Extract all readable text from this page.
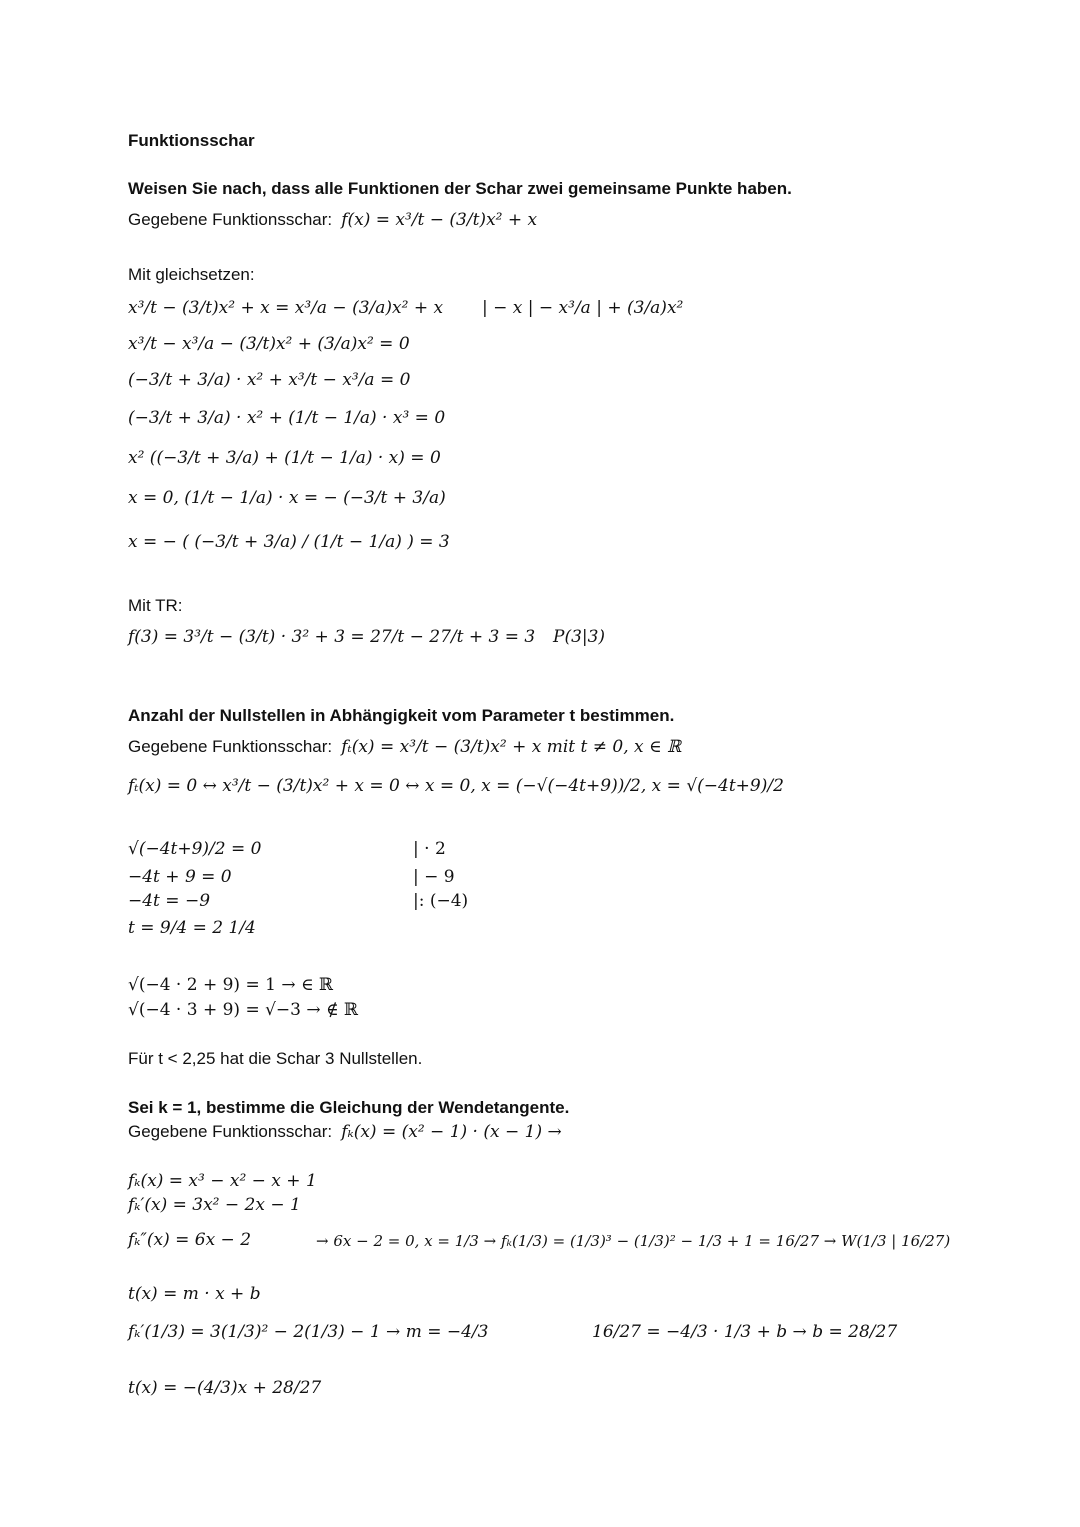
Funktionsschar
Weisen Sie nach, dass alle Funktionen der Schar zwei gemeinsame Punkte haben.
Gegebene Funktionsschar: f(x) = x³/t − (3/t)x² + x
Mit gleichsetzen:
x³/t − (3/t)x² + x = x³/a − (3/a)x² + x | − x | − x³/a | + (3/a)x²
x³/t − x³/a − (3/t)x² + (3/a)x² = 0
(−3/t + 3/a) · x² + x³/t − x³/a = 0
(−3/t + 3/a) · x² + (1/t − 1/a) · x³ = 0
x² ((−3/t + 3/a) + (1/t − 1/a) · x) = 0
x = 0, (1/t − 1/a) · x = − (−3/t + 3/a)
x = − ( (−3/t + 3/a) / (1/t − 1/a) ) = 3
Mit TR:
f(3) = 3³/t − (3/t) · 3² + 3 = 27/t − 27/t + 3 = 3 P(3|3)
Anzahl der Nullstellen in Abhängigkeit vom Parameter t bestimmen.
Gegebene Funktionsschar: fₜ(x) = x³/t − (3/t)x² + x mit t ≠ 0, x ∈ ℝ
fₜ(x) = 0 ↔ x³/t − (3/t)x² + x = 0 ↔ x = 0, x = (−√(−4t+9))/2, x = √(−4t+9)/2
√(−4t+9)/2 = 0	| · 2
−4t + 9 = 0	| − 9
−4t = −9	|: (−4)
t = 9/4 = 2 1/4
√(−4 · 2 + 9) = 1 → ∈ ℝ
√(−4 · 3 + 9) = √−3 → ∉ ℝ
Für t < 2,25 hat die Schar 3 Nullstellen.
Sei k = 1, bestimme die Gleichung der Wendetangente.
Gegebene Funktionsschar: fₖ(x) = (x² − 1) · (x − 1) →
fₖ(x) = x³ − x² − x + 1
fₖ′(x) = 3x² − 2x − 1
fₖ″(x) = 6x − 2	→ 6x − 2 = 0, x = 1/3 → fₖ(1/3) = (1/3)³ − (1/3)² − 1/3 + 1 = 16/27 → W(1/3 | 16/27)
t(x) = m · x + b
fₖ′(1/3) = 3(1/3)² − 2(1/3) − 1 → m = −4/3	16/27 = −4/3 · 1/3 + b → b = 28/27
t(x) = −(4/3)x + 28/27
